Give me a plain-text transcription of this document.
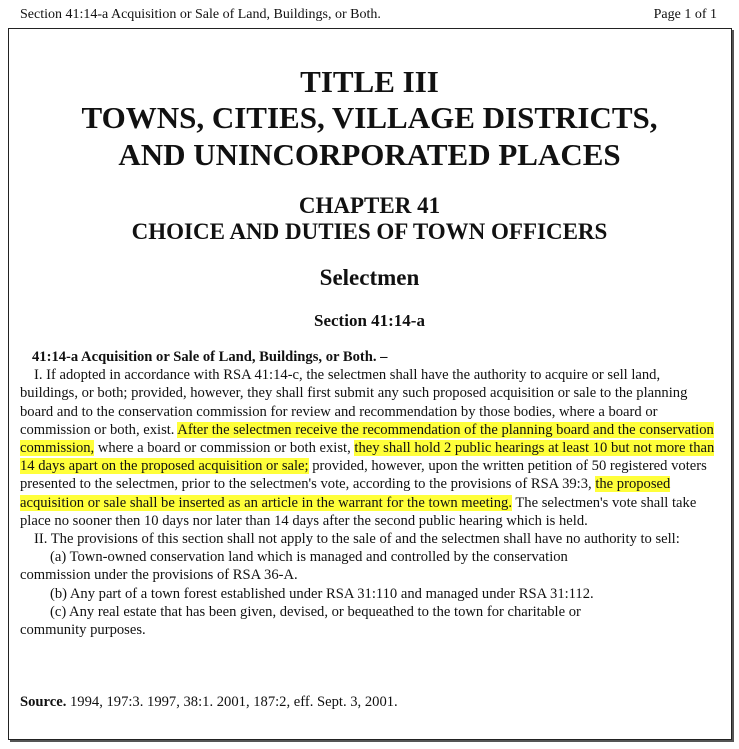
Section 41:14-a Acquisition or Sale of Land, Buildings, or Both.	Page 1 of 1
TITLE III
TOWNS, CITIES, VILLAGE DISTRICTS,
AND UNINCORPORATED PLACES
CHAPTER 41
CHOICE AND DUTIES OF TOWN OFFICERS
Selectmen
Section 41:14-a

41:14-a Acquisition or Sale of Land, Buildings, or Both. –

I. If adopted in accordance with RSA 41:14-c, the selectmen shall have the authority to acquire or sell land, buildings, or both; provided, however, they shall first submit any such proposed acquisition or sale to the planning board and to the conservation commission for review and recommendation by those bodies, where a board or commission or both, exist. After the selectmen receive the recommendation of the planning board and the conservation commission, where a board or commission or both exist, they shall hold 2 public hearings at least 10 but not more than 14 days apart on the proposed acquisition or sale; provided, however, upon the written petition of 50 registered voters presented to the selectmen, prior to the selectmen's vote, according to the provisions of RSA 39:3, the proposed acquisition or sale shall be inserted as an article in the warrant for the town meeting. The selectmen's vote shall take place no sooner then 10 days nor later than 14 days after the second public hearing which is held.

II. The provisions of this section shall not apply to the sale of and the selectmen shall have no authority to sell:

(a) Town-owned conservation land which is managed and controlled by the conservation

commission under the provisions of RSA 36-A.

(b) Any part of a town forest established under RSA 31:110 and managed under RSA 31:112.

(c) Any real estate that has been given, devised, or bequeathed to the town for charitable or

community purposes.

Source. 1994, 197:3. 1997, 38:1. 2001, 187:2, eff. Sept. 3, 2001.
